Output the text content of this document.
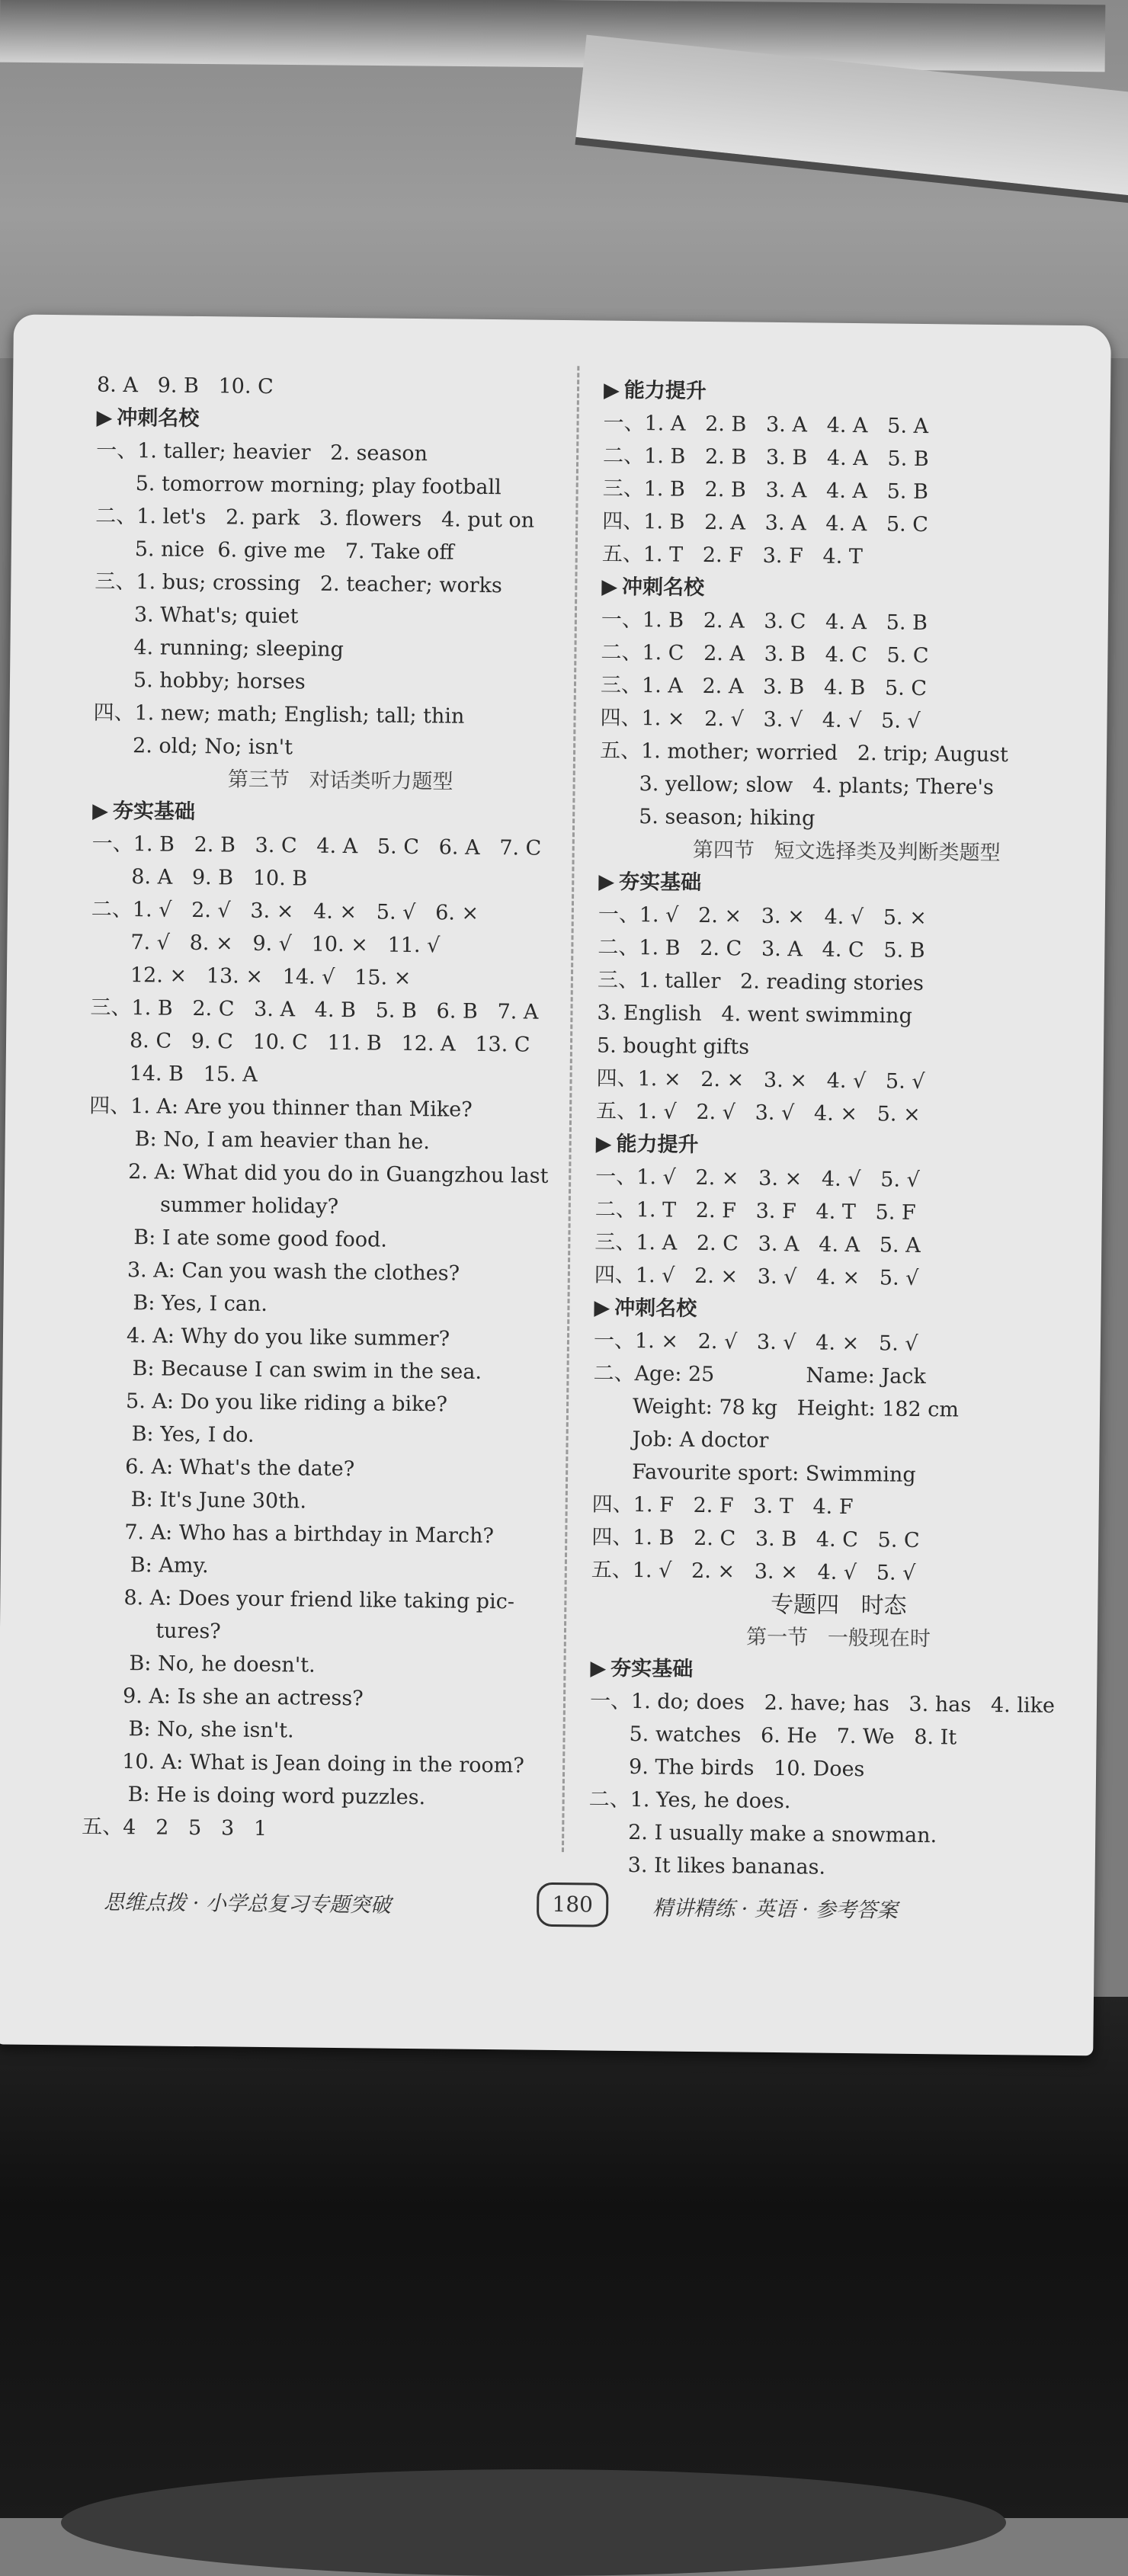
8. A   9. B   10. C
▶ 冲刺名校
一、1. taller; heavier   2. season
5. tomorrow morning; play football
二、1. let's   2. park   3. flowers   4. put on
5. nice  6. give me   7. Take off
三、1. bus; crossing   2. teacher; works
3. What's; quiet
4. running; sleeping
5. hobby; horses
四、1. new; math; English; tall; thin
2. old; No; isn't
第三节   对话类听力题型
▶ 夯实基础
一、1. B   2. B   3. C   4. A   5. C   6. A   7. C
8. A   9. B   10. B
二、1. √   2. √   3. ×   4. ×   5. √   6. ×
7. √   8. ×   9. √   10. ×   11. √
12. ×   13. ×   14. √   15. ×
三、1. B   2. C   3. A   4. B   5. B   6. B   7. A
8. C   9. C   10. C   11. B   12. A   13. C
14. B   15. A
四、1. A: Are you thinner than Mike?
B: No, I am heavier than he.
2. A: What did you do in Guangzhou last
summer holiday?
B: I ate some good food.
3. A: Can you wash the clothes?
B: Yes, I can.
4. A: Why do you like summer?
B: Because I can swim in the sea.
5. A: Do you like riding a bike?
B: Yes, I do.
6. A: What's the date?
B: It's June 30th.
7. A: Who has a birthday in March?
B: Amy.
8. A: Does your friend like taking pic-
tures?
B: No, he doesn't.
9. A: Is she an actress?
B: No, she isn't.
10. A: What is Jean doing in the room?
B: He is doing word puzzles.
五、4   2   5   3   1
▶ 能力提升
一、1. A   2. B   3. A   4. A   5. A
二、1. B   2. B   3. B   4. A   5. B
三、1. B   2. B   3. A   4. A   5. B
四、1. B   2. A   3. A   4. A   5. C
五、1. T   2. F   3. F   4. T
▶ 冲刺名校
一、1. B   2. A   3. C   4. A   5. B
二、1. C   2. A   3. B   4. C   5. C
三、1. A   2. A   3. B   4. B   5. C
四、1. ×   2. √   3. √   4. √   5. √
五、1. mother; worried   2. trip; August
3. yellow; slow   4. plants; There's
5. season; hiking
第四节   短文选择类及判断类题型
▶ 夯实基础
一、1. √   2. ×   3. ×   4. √   5. ×
二、1. B   2. C   3. A   4. C   5. B
三、1. taller   2. reading stories
3. English   4. went swimming
5. bought gifts
四、1. ×   2. ×   3. ×   4. √   5. √
五、1. √   2. √   3. √   4. ×   5. ×
▶ 能力提升
一、1. √   2. ×   3. ×   4. √   5. √
二、1. T   2. F   3. F   4. T   5. F
三、1. A   2. C   3. A   4. A   5. A
四、1. √   2. ×   3. √   4. ×   5. √
▶ 冲刺名校
一、1. ×   2. √   3. √   4. ×   5. √
二、Age: 25              Name: Jack
Weight: 78 kg   Height: 182 cm
Job: A doctor
Favourite sport: Swimming
四、1. F   2. F   3. T   4. F
四、1. B   2. C   3. B   4. C   5. C
五、1. √   2. ×   3. ×   4. √   5. √
专题四   时态
第一节   一般现在时
▶ 夯实基础
一、1. do; does   2. have; has   3. has   4. like
5. watches   6. He   7. We   8. It
9. The birds   10. Does
二、1. Yes, he does.
2. I usually make a snowman.
3. It likes bananas.
思维点拨 · 小学总复习专题突破	180	精讲精练 · 英语 · 参考答案
